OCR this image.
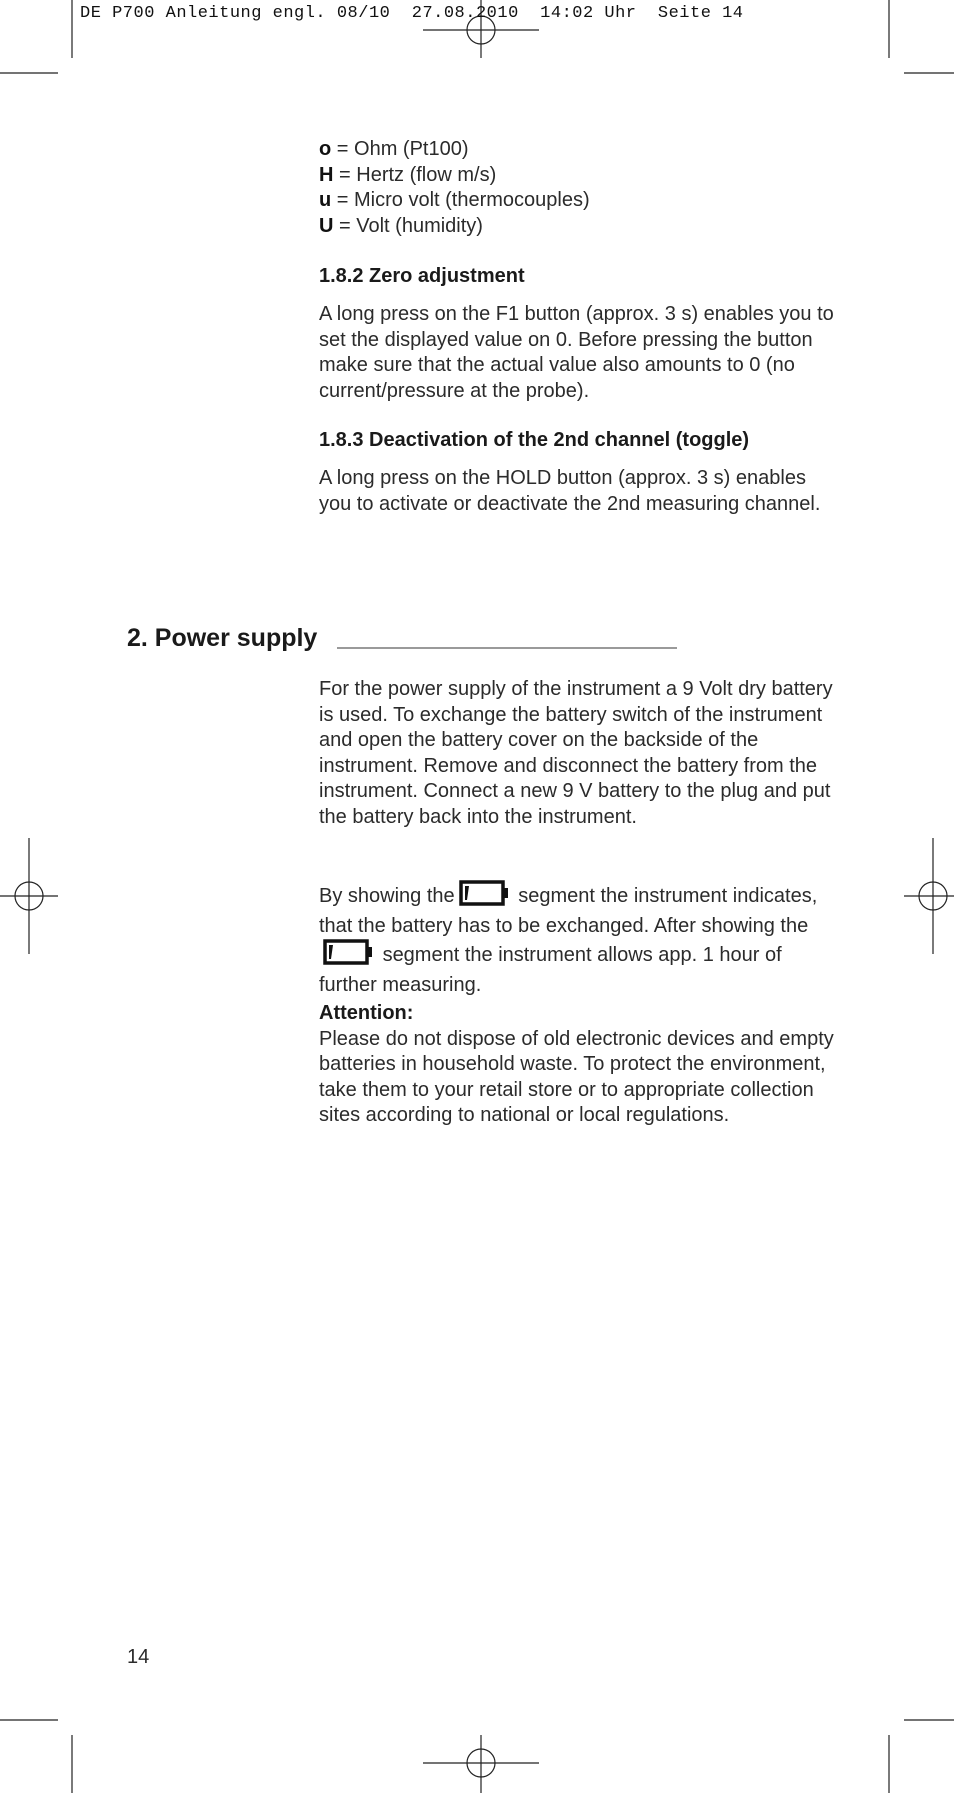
DE P700 Anleitung engl. 08/10  27.08.2010  14:02 Uhr  Seite 14

o = Ohm (Pt100)

H = Hertz (flow m/s)

u = Micro volt (thermocouples)

U = Volt (humidity)

1.8.2 Zero adjustment

A long press on the F1 button (approx. 3 s) enables you to set the displayed value on 0. Before pressing the button make sure that the actual value also amounts to 0 (no current/pressure at the probe).

1.8.3 Deactivation of the 2nd channel (toggle)

A long press on the HOLD button (approx. 3 s) enables you to activate or deactivate the 2nd measuring channel.

2. Power supply

For the power supply of the instrument a 9 Volt dry battery is used. To exchange the battery switch of the instrument and open the battery cover on the backside of the instrument. Remove and disconnect the battery from the instrument. Connect a new 9 V battery to the plug and put the battery back into the instrument.

By showing the	segment the instrument indicates, that the battery has to be exchanged. After showing the segment the instrument allows app. 1 hour of further measuring.

Attention:

Please do not dispose of old electronic devices and empty batteries in household waste. To protect the environment, take them to your retail store or to appropriate collection sites according to national or local regulations.

14
